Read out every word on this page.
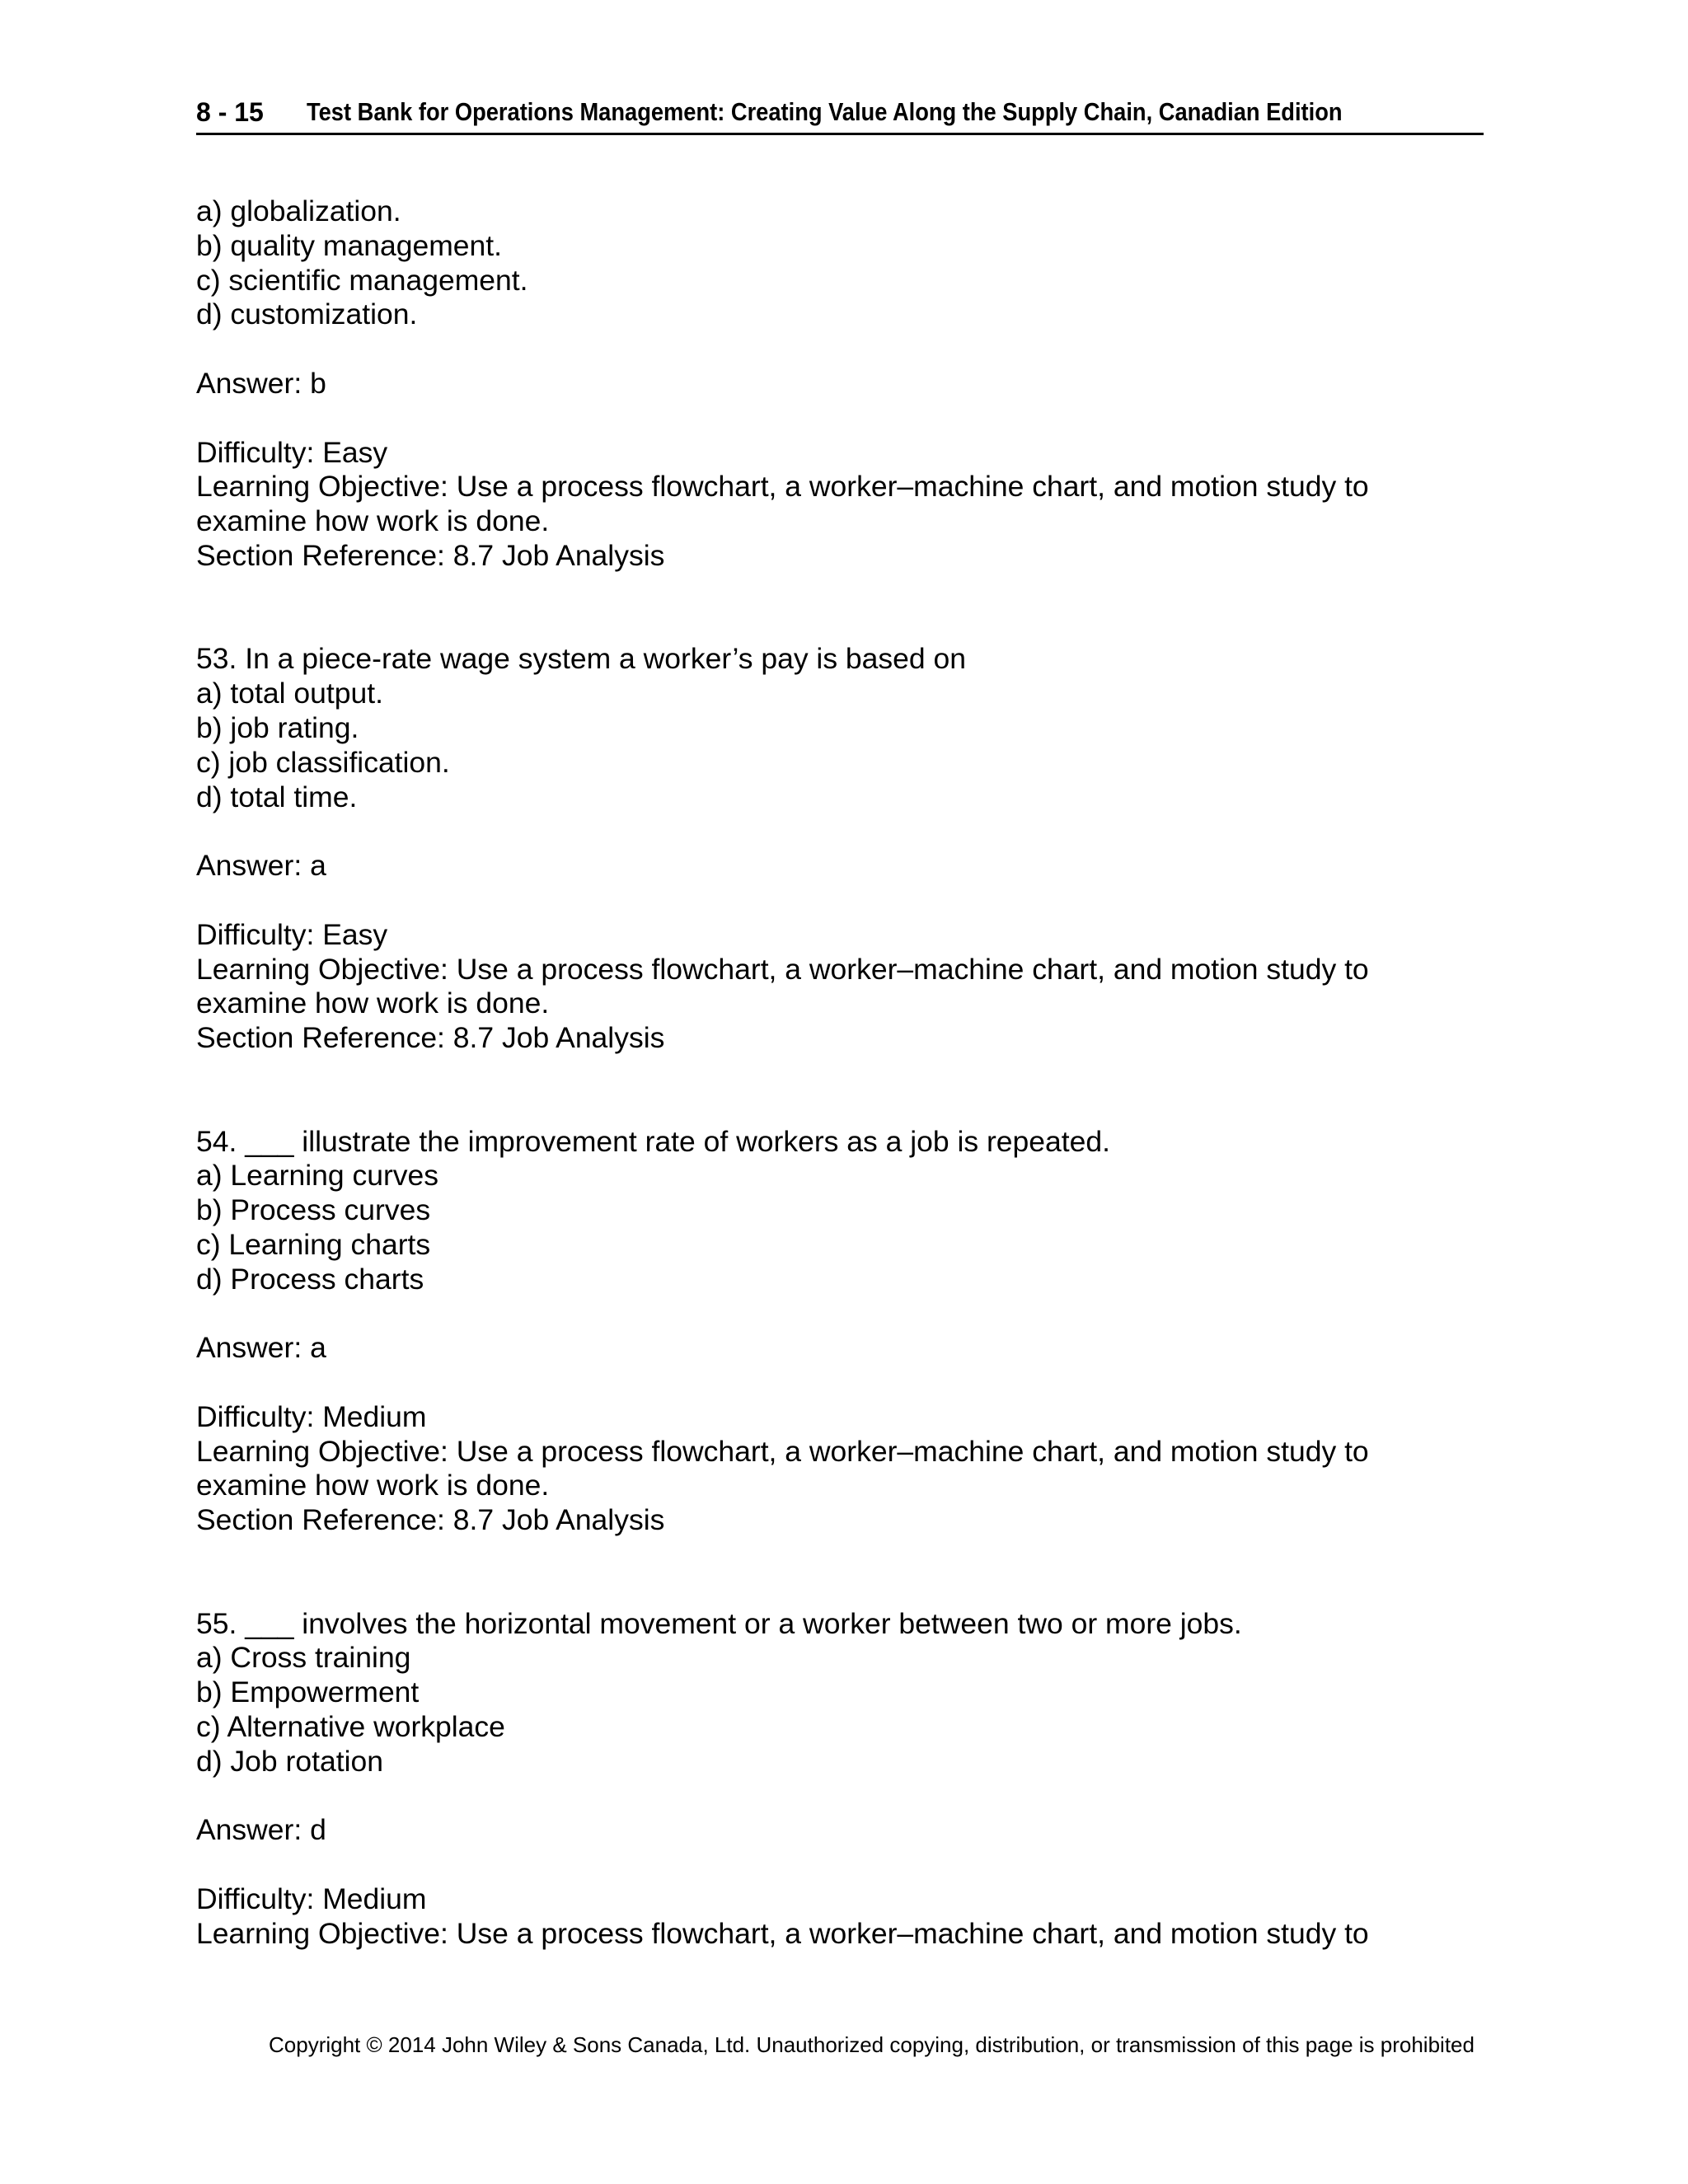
8 - 15	Test Bank for Operations Management: Creating Value Along the Supply Chain, Canadian Edition
a) globalization.
b) quality management.
c) scientific management.
d) customization.
Answer: b
Difficulty: Easy
Learning Objective: Use a process flowchart, a worker–machine chart, and motion study to
examine how work is done.
Section Reference: 8.7 Job Analysis
53. In a piece-rate wage system a worker’s pay is based on
a) total output.
b) job rating.
c) job classification.
d) total time.
Answer: a
Difficulty: Easy
Learning Objective: Use a process flowchart, a worker–machine chart, and motion study to
examine how work is done.
Section Reference: 8.7 Job Analysis
54. ___ illustrate the improvement rate of workers as a job is repeated.
a) Learning curves
b) Process curves
c) Learning charts
d) Process charts
Answer: a
Difficulty: Medium
Learning Objective: Use a process flowchart, a worker–machine chart, and motion study to
examine how work is done.
Section Reference: 8.7 Job Analysis
55. ___ involves the horizontal movement or a worker between two or more jobs.
a) Cross training
b) Empowerment
c) Alternative workplace
d) Job rotation
Answer: d
Difficulty: Medium
Learning Objective: Use a process flowchart, a worker–machine chart, and motion study to
Copyright © 2014 John Wiley & Sons Canada, Ltd. Unauthorized copying, distribution, or transmission of this page is prohibited
